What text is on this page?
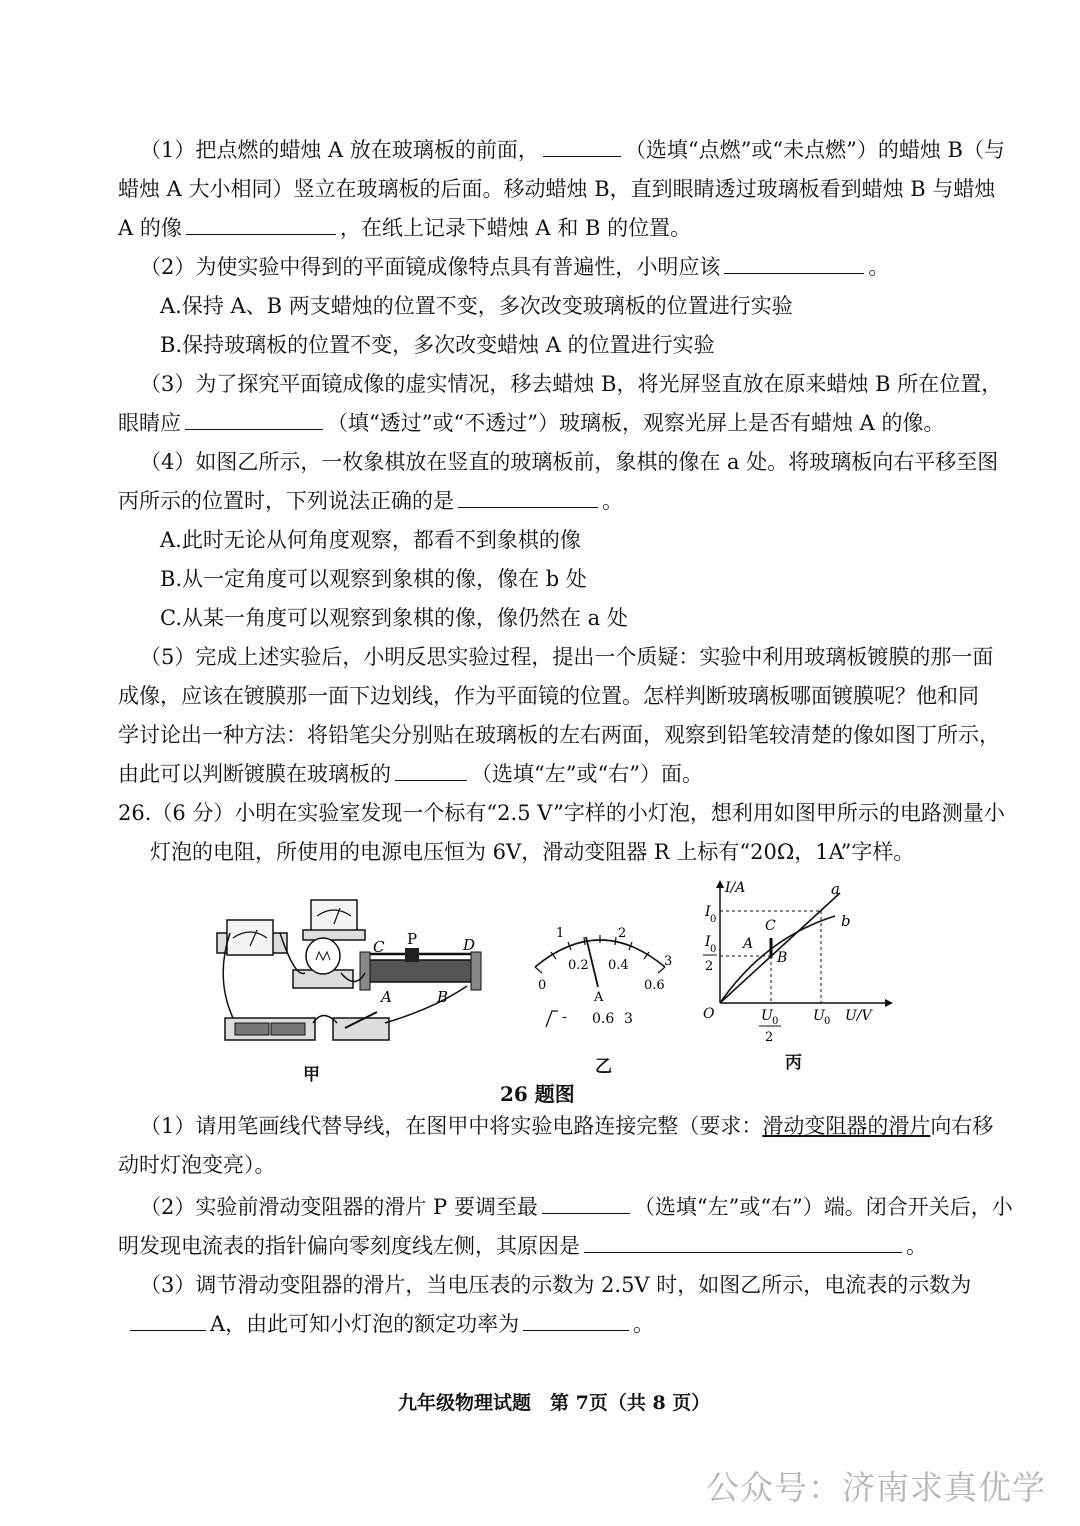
（1）把点燃的蜡烛 A 放在玻璃板的前面，	（选填“点燃”或“未点燃”）的蜡烛 B（与
蜡烛 A 大小相同）竖立在玻璃板的后面。移动蜡烛 B，直到眼睛透过玻璃板看到蜡烛 B 与蜡烛
A 的像	，在纸上记录下蜡烛 A 和 B 的位置。
（2）为使实验中得到的平面镜成像特点具有普遍性，小明应该	。
A.保持 A、B 两支蜡烛的位置不变，多次改变玻璃板的位置进行实验
B.保持玻璃板的位置不变，多次改变蜡烛 A 的位置进行实验
（3）为了探究平面镜成像的虚实情况，移去蜡烛 B，将光屏竖直放在原来蜡烛 B 所在位置，
眼睛应	（填“透过”或“不透过”）玻璃板，观察光屏上是否有蜡烛 A 的像。
（4）如图乙所示，一枚象棋放在竖直的玻璃板前，象棋的像在 a 处。将玻璃板向右平移至图
丙所示的位置时，下列说法正确的是	。
A.此时无论从何角度观察，都看不到象棋的像
B.从一定角度可以观察到象棋的像，像在 b 处
C.从某一角度可以观察到象棋的像，像仍然在 a 处
（5）完成上述实验后，小明反思实验过程，提出一个质疑：实验中利用玻璃板镀膜的那一面
成像，应该在镀膜那一面下边划线，作为平面镜的位置。怎样判断玻璃板哪面镀膜呢？他和同
学讨论出一种方法：将铅笔尖分别贴在玻璃板的左右两面，观察到铅笔较清楚的像如图丁所示，
由此可以判断镀膜在玻璃板的	（选填“左”或“右”）面。
26.（6 分）小明在实验室发现一个标有“2.5 V”字样的小灯泡，想利用如图甲所示的电路测量小
灯泡的电阻，所使用的电源电压恒为 6V，滑动变阻器 R 上标有“20Ω，1A”字样。
C P	D
A	B
甲
1	2
3
0.2 0.4
0	0.6
A
- 0.6 3
乙
I/A
U/V
O
I 0
I 0
2
U 0
2
U 0
a
b
C
A
B
丙
26 题图
（1）请用笔画线代替导线，在图甲中将实验电路连接完整（要求：滑动变阻器的滑片向右移
动时灯泡变亮）。
（2）实验前滑动变阻器的滑片 P 要调至最	（选填“左”或“右”）端。闭合开关后，小
明发现电流表的指针偏向零刻度线左侧，其原因是	。
（3）调节滑动变阻器的滑片，当电压表的示数为 2.5V 时，如图乙所示，电流表的示数为
A，由此可知小灯泡的额定功率为	。
九年级物理试题　第 7页（共 8 页）
公众号：济南求真优学
